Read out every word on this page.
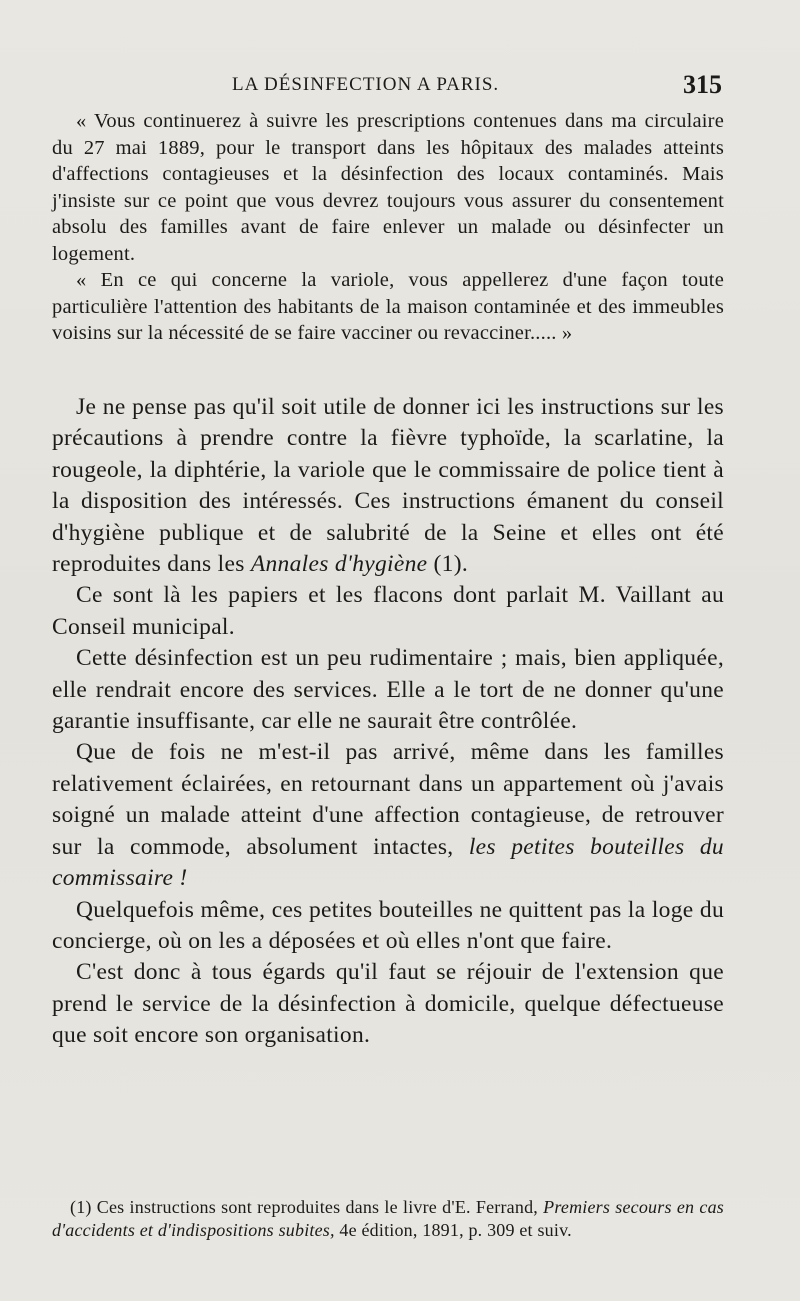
LA DÉSINFECTION A PARIS.	315

« Vous continuerez à suivre les prescriptions contenues dans ma circulaire du 27 mai 1889, pour le transport dans les hôpitaux des malades atteints d'affections contagieuses et la désinfection des locaux contaminés. Mais j'insiste sur ce point que vous devrez toujours vous assurer du consentement absolu des familles avant de faire enlever un malade ou désinfecter un logement.

« En ce qui concerne la variole, vous appellerez d'une façon toute particulière l'attention des habitants de la maison contaminée et des immeubles voisins sur la nécessité de se faire vacciner ou revacciner..... »

Je ne pense pas qu'il soit utile de donner ici les instructions sur les précautions à prendre contre la fièvre typhoïde, la scarlatine, la rougeole, la diphtérie, la variole que le commissaire de police tient à la disposition des intéressés. Ces instructions émanent du conseil d'hygiène publique et de salubrité de la Seine et elles ont été reproduites dans les Annales d'hygiène (1).

Ce sont là les papiers et les flacons dont parlait M. Vaillant au Conseil municipal.

Cette désinfection est un peu rudimentaire ; mais, bien appliquée, elle rendrait encore des services. Elle a le tort de ne donner qu'une garantie insuffisante, car elle ne saurait être contrôlée.

Que de fois ne m'est-il pas arrivé, même dans les familles relativement éclairées, en retournant dans un appartement où j'avais soigné un malade atteint d'une affection contagieuse, de retrouver sur la commode, absolument intactes, les petites bouteilles du commissaire !

Quelquefois même, ces petites bouteilles ne quittent pas la loge du concierge, où on les a déposées et où elles n'ont que faire.

C'est donc à tous égards qu'il faut se réjouir de l'extension que prend le service de la désinfection à domicile, quelque défectueuse que soit encore son organisation.

(1) Ces instructions sont reproduites dans le livre d'E. Ferrand, Premiers secours en cas d'accidents et d'indispositions subites, 4e édition, 1891, p. 309 et suiv.
